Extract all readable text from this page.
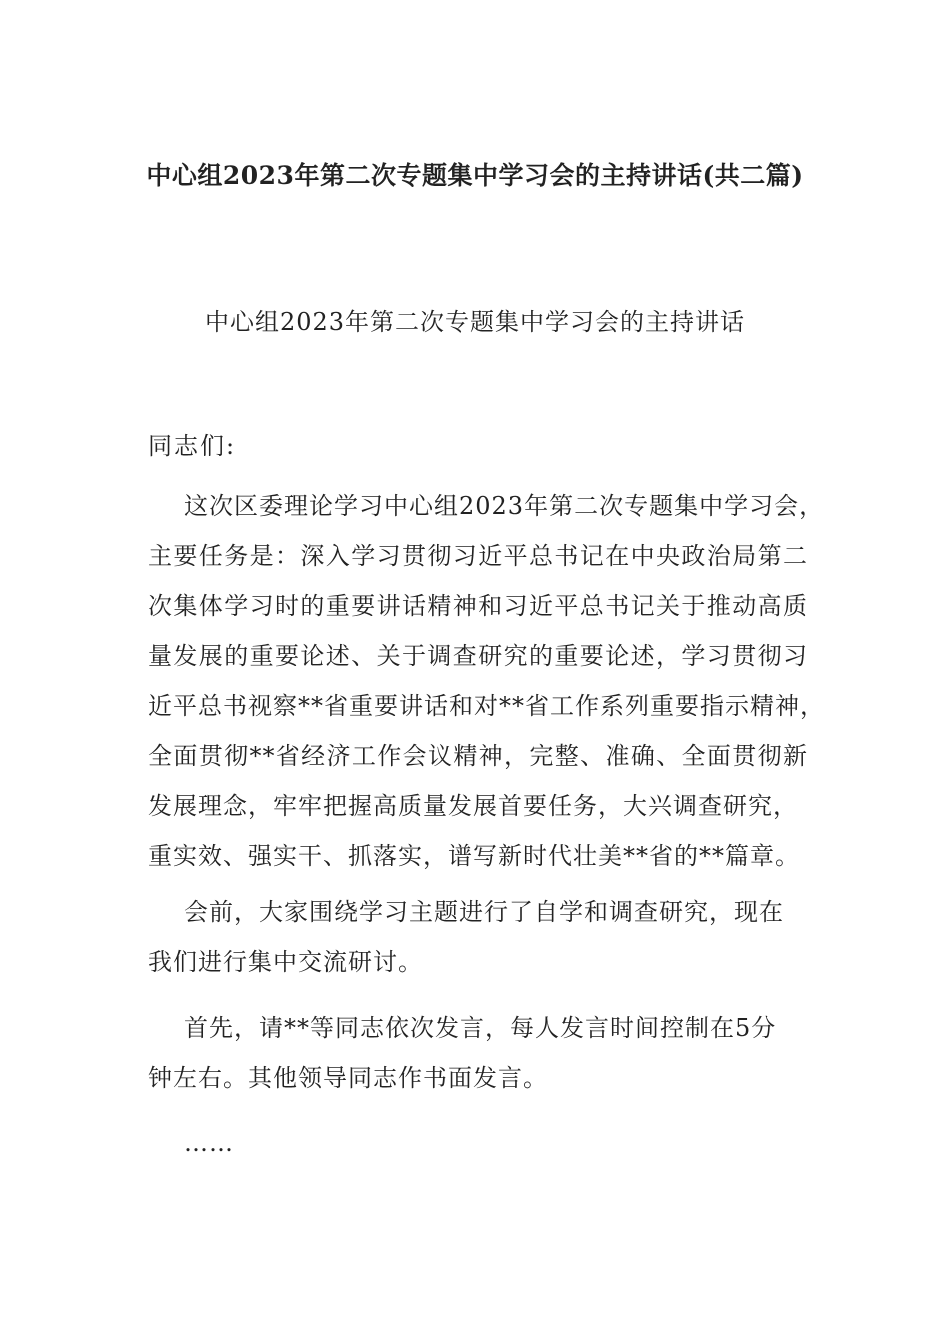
中心组2023年第二次专题集中学习会的主持讲话(共二篇)
中心组2023年第二次专题集中学习会的主持讲话
同志们:
这次区委理论学习中心组2023年第二次专题集中学习会，
主要任务是：深入学习贯彻习近平总书记在中央政治局第二
次集体学习时的重要讲话精神和习近平总书记关于推动高质
量发展的重要论述、关于调查研究的重要论述，学习贯彻习
近平总书视察**省重要讲话和对**省工作系列重要指示精神，
全面贯彻**省经济工作会议精神，完整、准确、全面贯彻新
发展理念，牢牢把握高质量发展首要任务，大兴调查研究，
重实效、强实干、抓落实，谱写新时代壮美**省的**篇章。
会前，大家围绕学习主题进行了自学和调查研究，现在
我们进行集中交流研讨。
首先，请**等同志依次发言，每人发言时间控制在5分
钟左右。其他领导同志作书面发言。
……
